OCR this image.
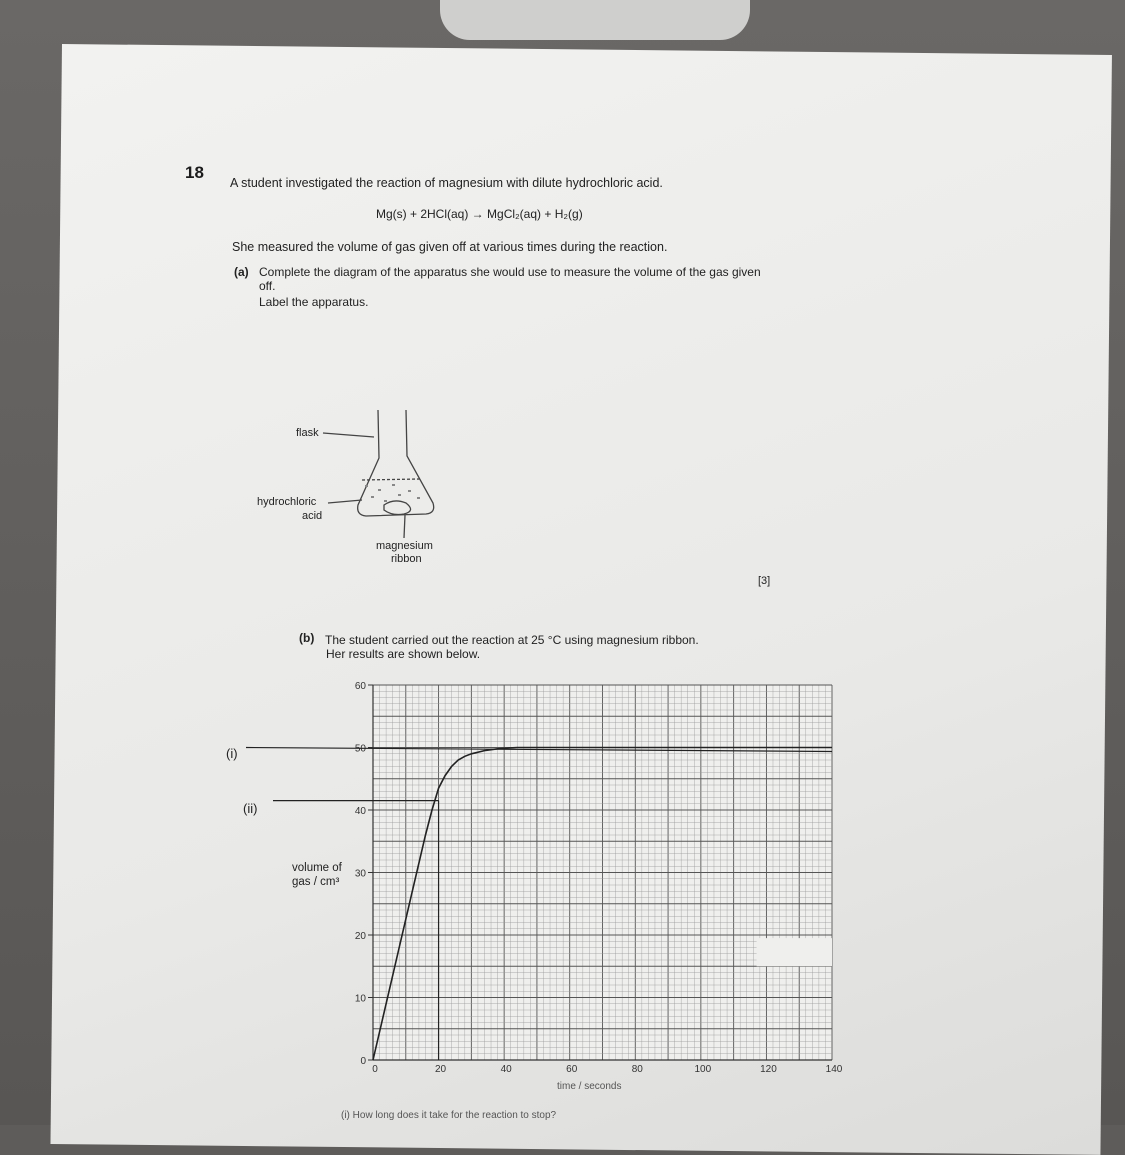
18
A student investigated the reaction of magnesium with dilute hydrochloric acid.
Mg(s) + 2HCl(aq) → MgCl₂(aq) + H₂(g)
She measured the volume of gas given off at various times during the reaction.
(a) Complete the diagram of the apparatus she would use to measure the volume of the gas given
off.
Label the apparatus.
flask
hydrochloric
acid
magnesium
ribbon
[3]
(b) The student carried out the reaction at 25 °C using magnesium ribbon.
Her results are shown below.
0
10
20
30
40
50
60
0	20	40	60	80	100	120	140
(i)
(ii)
volume of
gas / cm³
time / seconds
(i) How long does it take for the reaction to stop?
